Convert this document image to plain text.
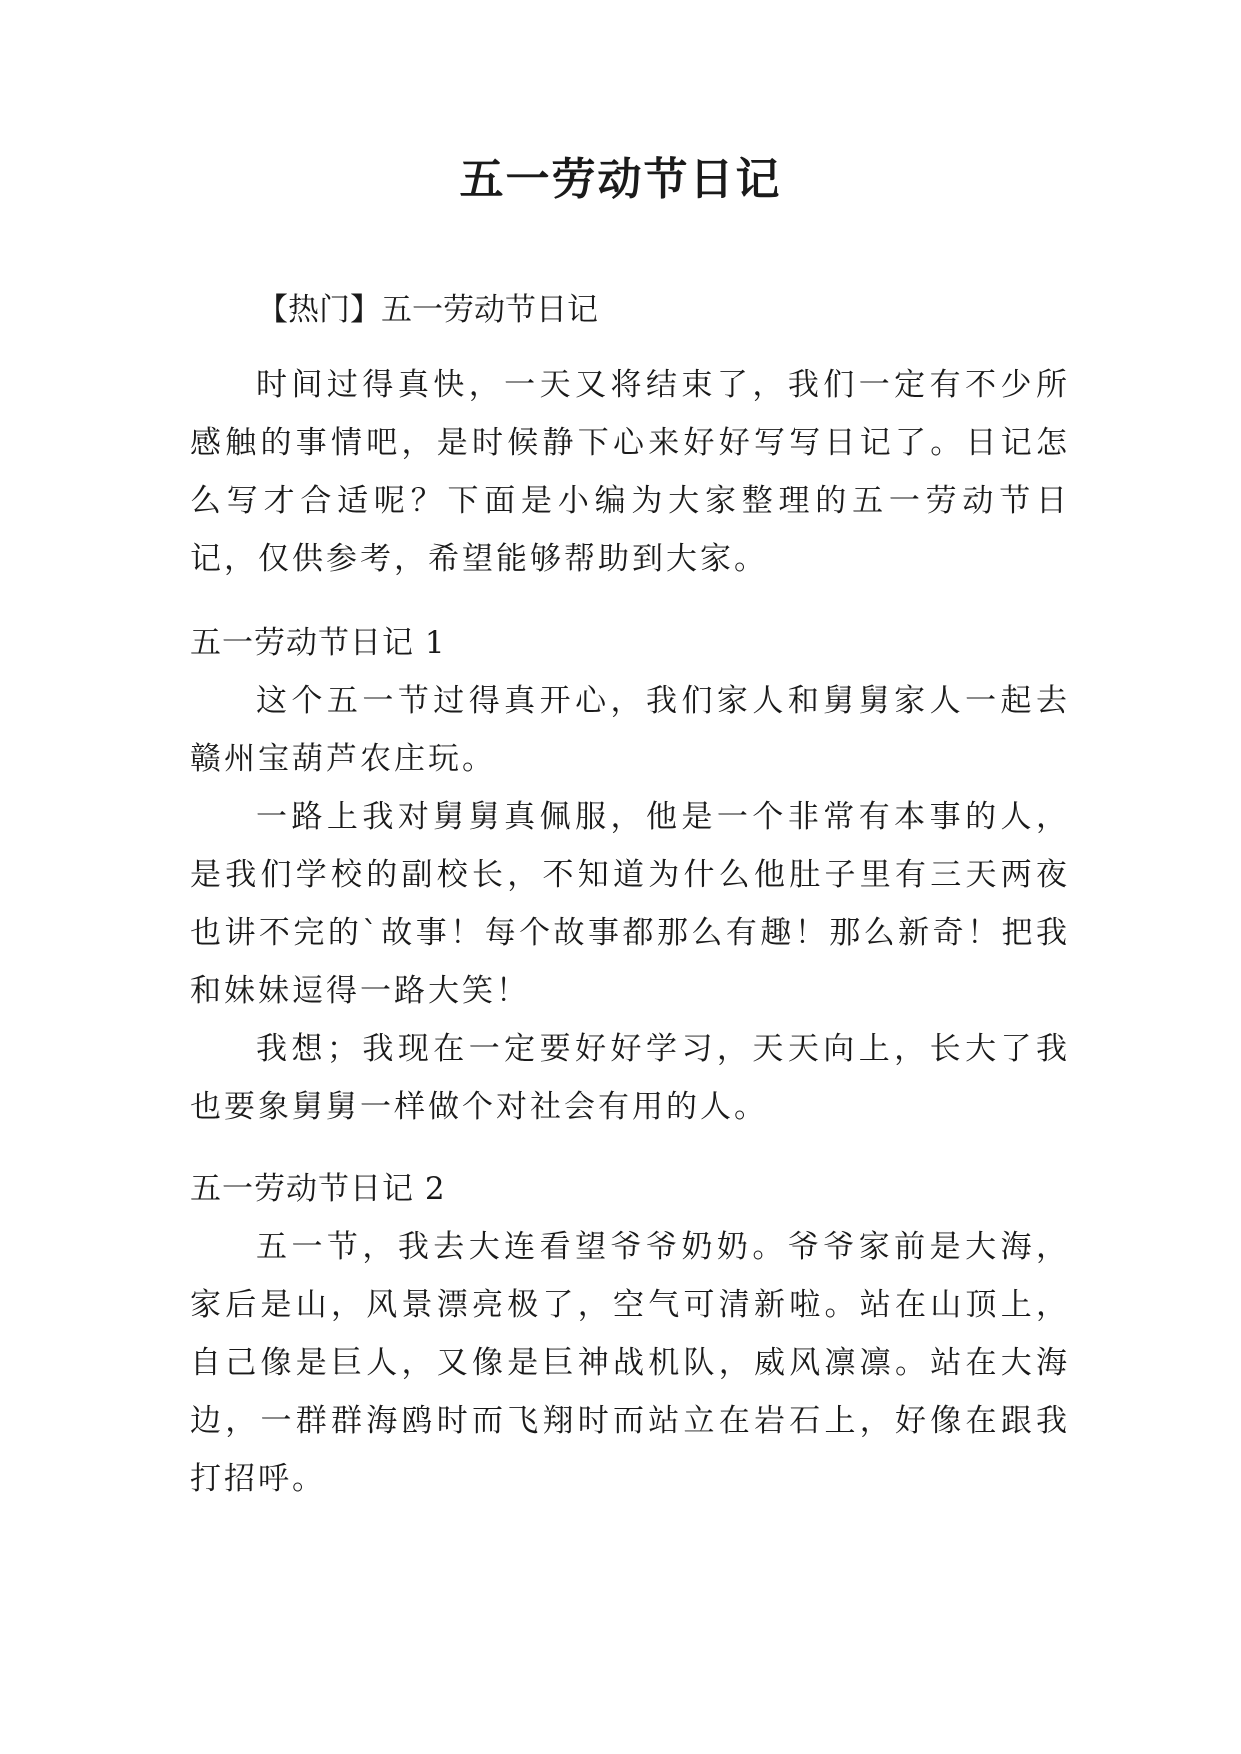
五一劳动节日记
【热门】五一劳动节日记

时间过得真快，一天又将结束了，我们一定有不少所感触的事情吧，是时候静下心来好好写写日记了。日记怎么写才合适呢？下面是小编为大家整理的五一劳动节日记，仅供参考，希望能够帮助到大家。

五一劳动节日记 1

这个五一节过得真开心，我们家人和舅舅家人一起去赣州宝葫芦农庄玩。

一路上我对舅舅真佩服，他是一个非常有本事的人，是我们学校的副校长，不知道为什么他肚子里有三天两夜也讲不完的`故事！每个故事都那么有趣！那么新奇！把我和妹妹逗得一路大笑！

我想；我现在一定要好好学习，天天向上，长大了我也要象舅舅一样做个对社会有用的人。

五一劳动节日记 2

五一节，我去大连看望爷爷奶奶。爷爷家前是大海，家后是山，风景漂亮极了，空气可清新啦。站在山顶上，自己像是巨人，又像是巨神战机队，威风凛凛。站在大海边，一群群海鸥时而飞翔时而站立在岩石上，好像在跟我打招呼。
